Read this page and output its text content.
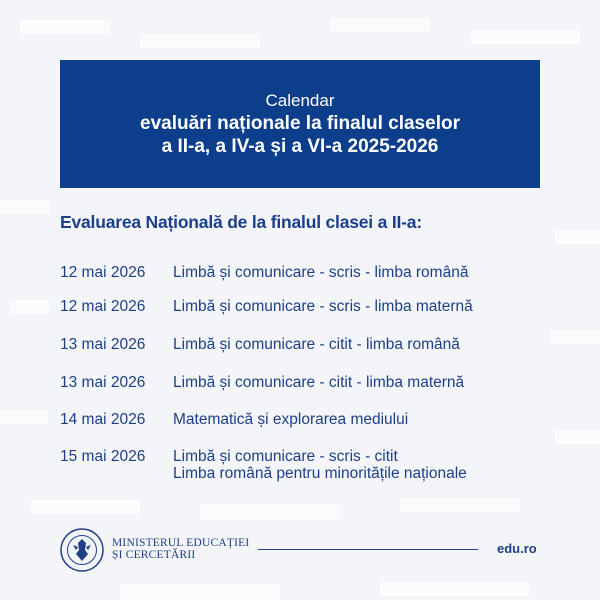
Calendar
evaluări naționale la finalul claselor
a II-a, a IV-a și a VI-a 2025-2026
Evaluarea Națională de la finalul clasei a II-a:
12 mai 2026	Limbă și comunicare - scris - limba română
12 mai 2026	Limbă și comunicare - scris - limba maternă
13 mai 2026	Limbă și comunicare - citit - limba română
13 mai 2026	Limbă și comunicare - citit - limba maternă
14 mai 2026	Matematică și explorarea mediului
15 mai 2026	Limbă și comunicare - scris - citit
Limba română pentru minoritățile naționale
MINISTERUL EDUCAȚIEI
ȘI CERCETĂRII	edu.ro
